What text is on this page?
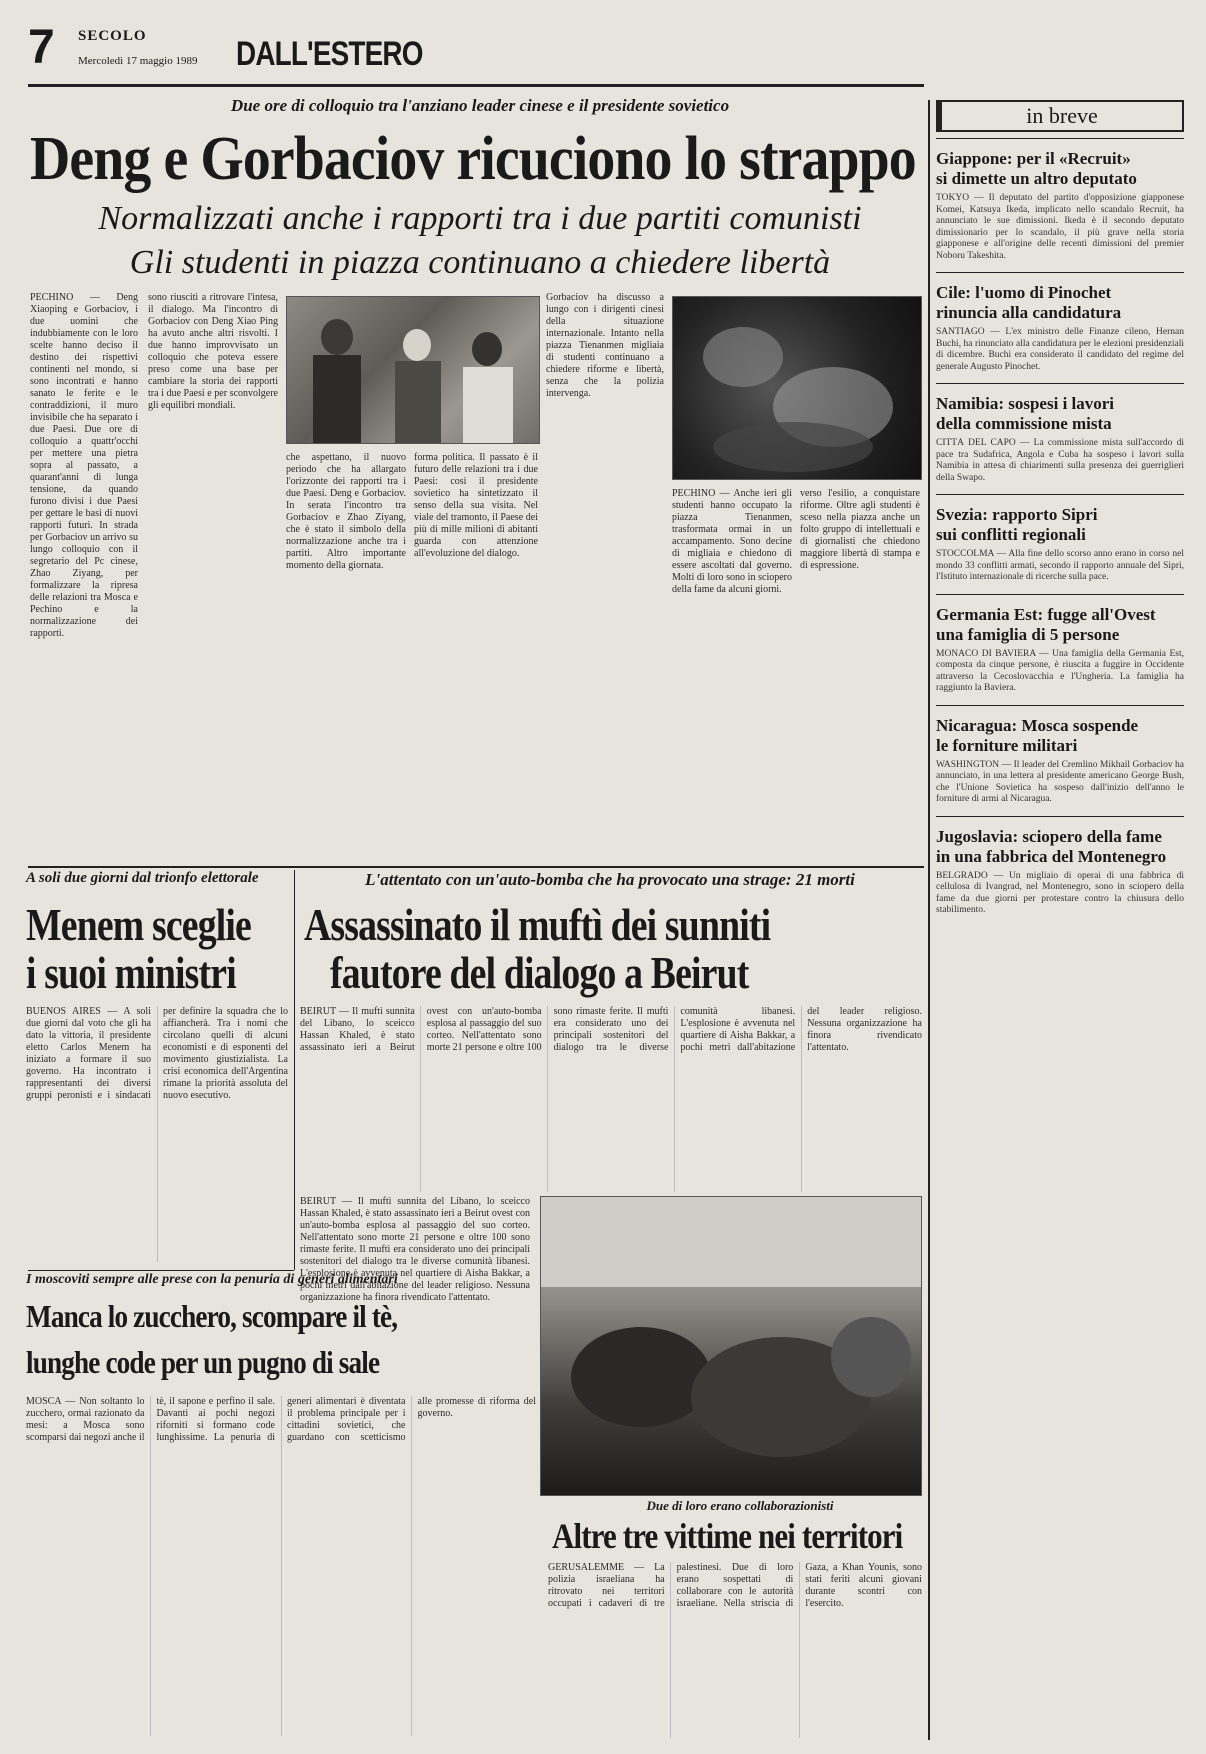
7 SECOLO
Mercoledì 17 maggio 1989 DALL'ESTERO
Due ore di colloquio tra l'anziano leader cinese e il presidente sovietico
Deng e Gorbaciov ricuciono lo strappo
Normalizzati anche i rapporti tra i due partiti comunisti
Gli studenti in piazza continuano a chiedere libertà
PECHINO — Deng Xiaoping e Gorbaciov, i due uomini che indubbiamente con le loro scelte hanno deciso il destino dei rispettivi continenti nel mondo, si sono incontrati e hanno sanato le ferite e le contraddizioni, il muro invisibile che ha separato i due Paesi. Due ore di colloquio a quattr'occhi per mettere una pietra sopra al passato, a quarant'anni di lunga tensione, da quando furono divisi i due Paesi per gettare le basi di nuovi rapporti futuri. In strada per Gorbaciov un arrivo su lungo colloquio con il segretario del Pc cinese, Zhao Ziyang, per formalizzare la ripresa delle relazioni tra Mosca e Pechino e la normalizzazione dei rapporti.
sono riusciti a ritrovare l'intesa, il dialogo. Ma l'incontro di Gorbaciov con Deng Xiao Ping ha avuto anche altri risvolti. I due hanno improvvisato un colloquio che poteva essere preso come una base per cambiare la storia dei rapporti tra i due Paesi e per sconvolgere gli equilibri mondiali.
che aspettano, il nuovo periodo che ha allargato l'orizzonte dei rapporti tra i due Paesi. Deng e Gorbaciov. In serata l'incontro tra Gorbaciov e Zhao Ziyang, che è stato il simbolo della normalizzazione anche tra i partiti. Altro importante momento della giornata.
forma politica. Il passato è il futuro delle relazioni tra i due Paesi: così il presidente sovietico ha sintetizzato il senso della sua visita. Nel viale del tramonto, il Paese dei più di mille milioni di abitanti guarda con attenzione all'evoluzione del dialogo.
Gorbaciov ha discusso a lungo con i dirigenti cinesi della situazione internazionale. Intanto nella piazza Tienanmen migliaia di studenti continuano a chiedere riforme e libertà, senza che la polizia intervenga.
PECHINO — Anche ieri gli studenti hanno occupato la piazza Tienanmen, trasformata ormai in un accampamento. Sono decine di migliaia e chiedono di essere ascoltati dal governo. Molti di loro sono in sciopero della fame da alcuni giorni.
verso l'esilio, a conquistare riforme. Oltre agli studenti è sceso nella piazza anche un folto gruppo di intellettuali e di giornalisti che chiedono maggiore libertà di stampa e di espressione.
A soli due giorni dal trionfo elettorale
Menem sceglie
i suoi ministri
BUENOS AIRES — A soli due giorni dal voto che gli ha dato la vittoria, il presidente eletto Carlos Menem ha iniziato a formare il suo governo. Ha incontrato i rappresentanti dei diversi gruppi peronisti e i sindacati per definire la squadra che lo affiancherà. Tra i nomi che circolano quelli di alcuni economisti e di esponenti del movimento giustizialista. La crisi economica dell'Argentina rimane la priorità assoluta del nuovo esecutivo.
L'attentato con un'auto-bomba che ha provocato una strage: 21 morti
Assassinato il muftì dei sunniti
fautore del dialogo a Beirut
BEIRUT — Il muftì sunnita del Libano, lo sceicco Hassan Khaled, è stato assassinato ieri a Beirut ovest con un'auto-bomba esplosa al passaggio del suo corteo. Nell'attentato sono morte 21 persone e oltre 100 sono rimaste ferite. Il muftì era considerato uno dei principali sostenitori del dialogo tra le diverse comunità libanesi. L'esplosione è avvenuta nel quartiere di Aisha Bakkar, a pochi metri dall'abitazione del leader religioso. Nessuna organizzazione ha finora rivendicato l'attentato.
BEIRUT — Il muftì sunnita del Libano, lo sceicco Hassan Khaled, è stato assassinato ieri a Beirut ovest con un'auto-bomba esplosa al passaggio del suo corteo. Nell'attentato sono morte 21 persone e oltre 100 sono rimaste ferite. Il muftì era considerato uno dei principali sostenitori del dialogo tra le diverse comunità libanesi. L'esplosione è avvenuta nel quartiere di Aisha Bakkar, a pochi metri dall'abitazione del leader religioso. Nessuna organizzazione ha finora rivendicato l'attentato.
I moscoviti sempre alle prese con la penuria di generi alimentari
Manca lo zucchero, scompare il tè,
lunghe code per un pugno di sale
MOSCA — Non soltanto lo zucchero, ormai razionato da mesi: a Mosca sono scomparsi dai negozi anche il tè, il sapone e perfino il sale. Davanti ai pochi negozi riforniti si formano code lunghissime. La penuria di generi alimentari è diventata il problema principale per i cittadini sovietici, che guardano con scetticismo alle promesse di riforma del governo.
Due di loro erano collaborazionisti
Altre tre vittime nei territori
GERUSALEMME — La polizia israeliana ha ritrovato nei territori occupati i cadaveri di tre palestinesi. Due di loro erano sospettati di collaborare con le autorità israeliane. Nella striscia di Gaza, a Khan Younis, sono stati feriti alcuni giovani durante scontri con l'esercito.
in breve
Giappone: per il «Recruit»
si dimette un altro deputato
TOKYO — Il deputato del partito d'opposizione giapponese Komei, Katsuya Ikeda, implicato nello scandalo Recruit, ha annunciato le sue dimissioni. Ikeda è il secondo deputato dimissionario per lo scandalo, il più grave nella storia giapponese e all'origine delle recenti dimissioni del premier Noboru Takeshita.
Cile: l'uomo di Pinochet
rinuncia alla candidatura
SANTIAGO — L'ex ministro delle Finanze cileno, Hernan Buchi, ha rinunciato alla candidatura per le elezioni presidenziali di dicembre. Buchi era considerato il candidato del regime del generale Augusto Pinochet.
Namibia: sospesi i lavori
della commissione mista
CITTÀ DEL CAPO — La commissione mista sull'accordo di pace tra Sudafrica, Angola e Cuba ha sospeso i lavori sulla Namibia in attesa di chiarimenti sulla presenza dei guerriglieri della Swapo.
Svezia: rapporto Sipri
sui conflitti regionali
STOCCOLMA — Alla fine dello scorso anno erano in corso nel mondo 33 conflitti armati, secondo il rapporto annuale del Sipri, l'Istituto internazionale di ricerche sulla pace.
Germania Est: fugge all'Ovest
una famiglia di 5 persone
MONACO DI BAVIERA — Una famiglia della Germania Est, composta da cinque persone, è riuscita a fuggire in Occidente attraverso la Cecoslovacchia e l'Ungheria. La famiglia ha raggiunto la Baviera.
Nicaragua: Mosca sospende
le forniture militari
WASHINGTON — Il leader del Cremlino Mikhail Gorbaciov ha annunciato, in una lettera al presidente americano George Bush, che l'Unione Sovietica ha sospeso dall'inizio dell'anno le forniture di armi al Nicaragua.
Jugoslavia: sciopero della fame
in una fabbrica del Montenegro
BELGRADO — Un migliaio di operai di una fabbrica di cellulosa di Ivangrad, nel Montenegro, sono in sciopero della fame da due giorni per protestare contro la chiusura dello stabilimento.
